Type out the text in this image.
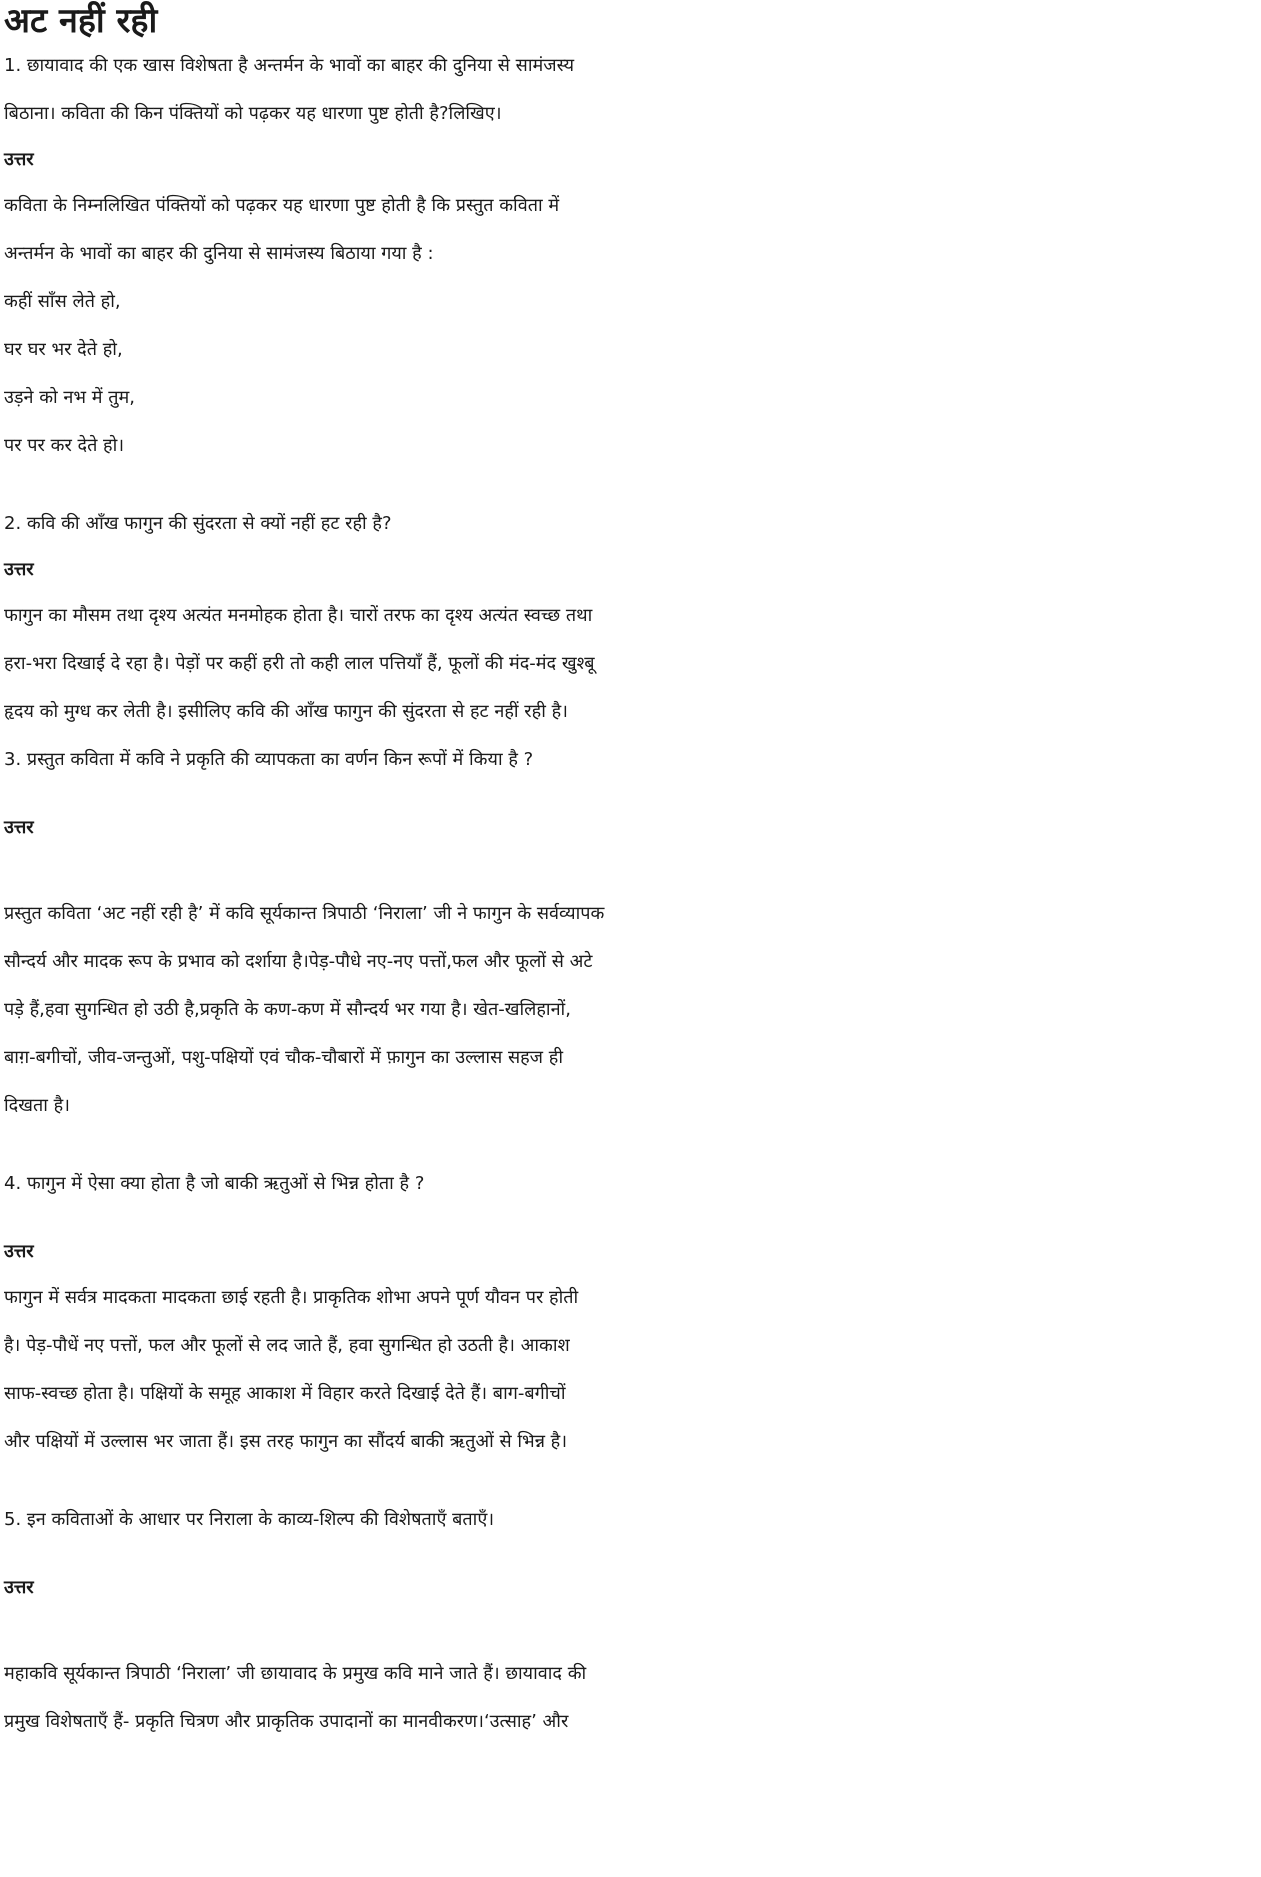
अट नहीं रही

1. छायावाद की एक खास विशेषता है अन्तर्मन के भावों का बाहर की दुनिया से सामंजस्य

बिठाना। कविता की किन पंक्तियों को पढ़कर यह धारणा पुष्ट होती है?लिखिए।

उत्तर

कविता के निम्नलिखित पंक्तियों को पढ़कर यह धारणा पुष्ट होती है कि प्रस्तुत कविता में

अन्तर्मन के भावों का बाहर की दुनिया से सामंजस्य बिठाया गया है :

कहीं साँस लेते हो,

घर घर भर देते हो,

उड़ने को नभ में तुम,

पर पर कर देते हो।

2. कवि की आँख फागुन की सुंदरता से क्यों नहीं हट रही है?

उत्तर

फागुन का मौसम तथा दृश्य अत्यंत मनमोहक होता है। चारों तरफ का दृश्य अत्यंत स्वच्छ तथा

हरा-भरा दिखाई दे रहा है। पेड़ों पर कहीं हरी तो कही लाल पत्तियाँ हैं, फूलों की मंद-मंद खुश्बू

हृदय को मुग्ध कर लेती है। इसीलिए कवि की आँख फागुन की सुंदरता से हट नहीं रही है।

3. प्रस्तुत कविता में कवि ने प्रकृति की व्यापकता का वर्णन किन रूपों में किया है ?

उत्तर

प्रस्तुत कविता ‘अट नहीं रही है’ में कवि सूर्यकान्त त्रिपाठी ‘निराला’ जी ने फागुन के सर्वव्यापक

सौन्दर्य और मादक रूप के प्रभाव को दर्शाया है।पेड़-पौधे नए-नए पत्तों,फल और फूलों से अटे

पड़े हैं,हवा सुगन्धित हो उठी है,प्रकृति के कण-कण में सौन्दर्य भर गया है। खेत-खलिहानों,

बाग़-बगीचों, जीव-जन्तुओं, पशु-पक्षियों एवं चौक-चौबारों में फ़ागुन का उल्लास सहज ही

दिखता है।

4. फागुन में ऐसा क्या होता है जो बाकी ऋतुओं से भिन्न होता है ?

उत्तर

फागुन में सर्वत्र मादकता मादकता छाई रहती है। प्राकृतिक शोभा अपने पूर्ण यौवन पर होती

है। पेड़-पौधें नए पत्तों, फल और फूलों से लद जाते हैं, हवा सुगन्धित हो उठती है। आकाश

साफ-स्वच्छ होता है। पक्षियों के समूह आकाश में विहार करते दिखाई देते हैं। बाग-बगीचों

और पक्षियों में उल्लास भर जाता हैं। इस तरह फागुन का सौंदर्य बाकी ऋतुओं से भिन्न है।

5. इन कविताओं के आधार पर निराला के काव्य-शिल्प की विशेषताएँ बताएँ।

उत्तर

महाकवि सूर्यकान्त त्रिपाठी ‘निराला’ जी छायावाद के प्रमुख कवि माने जाते हैं। छायावाद की

प्रमुख विशेषताएँ हैं- प्रकृति चित्रण और प्राकृतिक उपादानों का मानवीकरण।‘उत्साह’ और
